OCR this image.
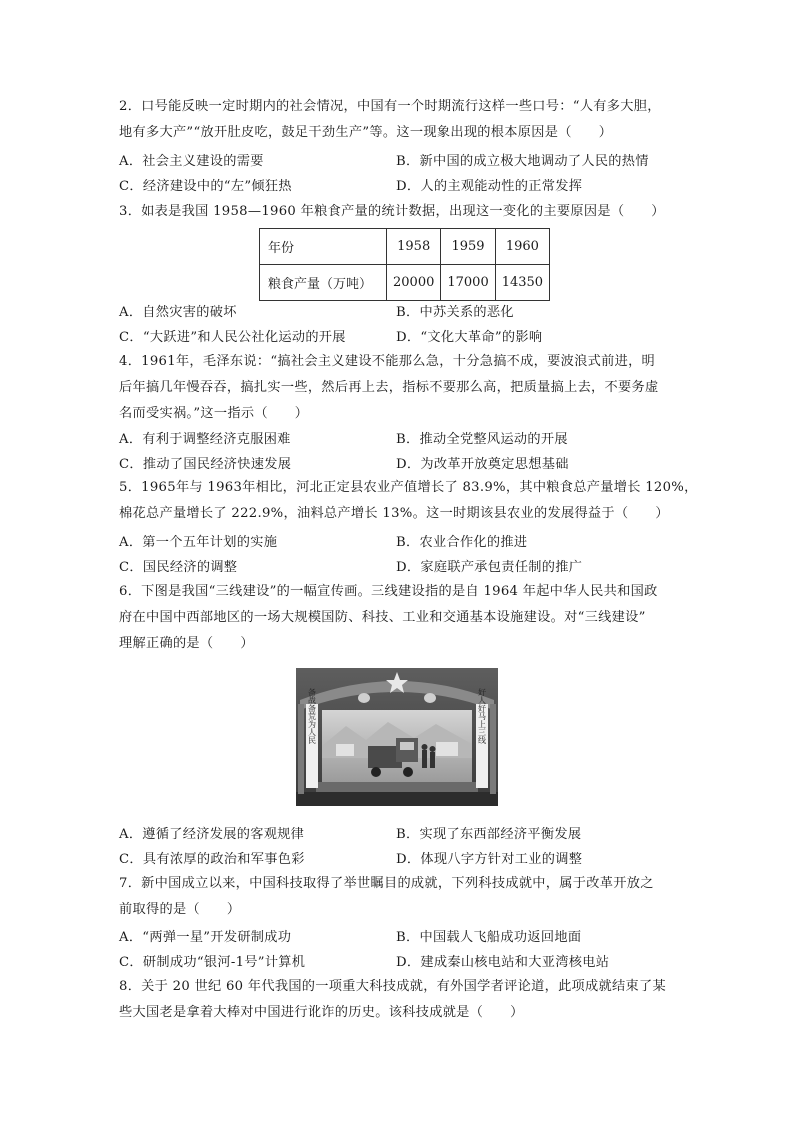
2．口号能反映一定时期内的社会情况，中国有一个时期流行这样一些口号：“人有多大胆，
地有多大产”“放开肚皮吃，鼓足干劲生产”等。这一现象出现的根本原因是（　　）
A．社会主义建设的需要	B．新中国的成立极大地调动了人民的热情
C．经济建设中的“左”倾狂热	D．人的主观能动性的正常发挥
3．如表是我国 1958—1960 年粮食产量的统计数据，出现这一变化的主要原因是（　　）
年份	1958	1959	1960
粮食产量（万吨）	20000	17000	14350
A．自然灾害的破坏	B．中苏关系的恶化
C．“大跃进”和人民公社化运动的开展	D．“文化大革命”的影响
4．1961年，毛泽东说：“搞社会主义建设不能那么急，十分急搞不成，要波浪式前进，明
后年搞几年慢吞吞，搞扎实一些，然后再上去，指标不要那么高，把质量搞上去，不要务虚
名而受实祸。”这一指示（　　）
A．有利于调整经济克服困难	B．推动全党整风运动的开展
C．推动了国民经济快速发展	D．为改革开放奠定思想基础
5．1965年与 1963年相比，河北正定县农业产值增长了 83.9%，其中粮食总产量增长 120%，
棉花总产量增长了 222.9%，油料总产增长 13%。这一时期该县农业的发展得益于（　　）
A．第一个五年计划的实施	B．农业合作化的推进
C．国民经济的调整	D．家庭联产承包责任制的推广
6．下图是我国“三线建设”的一幅宣传画。三线建设指的是自 1964 年起中华人民共和国政
府在中国中西部地区的一场大规模国防、科技、工业和交通基本设施建设。对“三线建设”
理解正确的是（　　）
备战备荒为人民	好人好马上三线
A．遵循了经济发展的客观规律	B．实现了东西部经济平衡发展
C．具有浓厚的政治和军事色彩	D．体现八字方针对工业的调整
7．新中国成立以来，中国科技取得了举世瞩目的成就，下列科技成就中，属于改革开放之
前取得的是（　　）
A．“两弹一星”开发研制成功	B．中国载人飞船成功返回地面
C．研制成功“银河-1号”计算机	D．建成秦山核电站和大亚湾核电站
8．关于 20 世纪 60 年代我国的一项重大科技成就，有外国学者评论道，此项成就结束了某
些大国老是拿着大棒对中国进行讹诈的历史。该科技成就是（　　）
